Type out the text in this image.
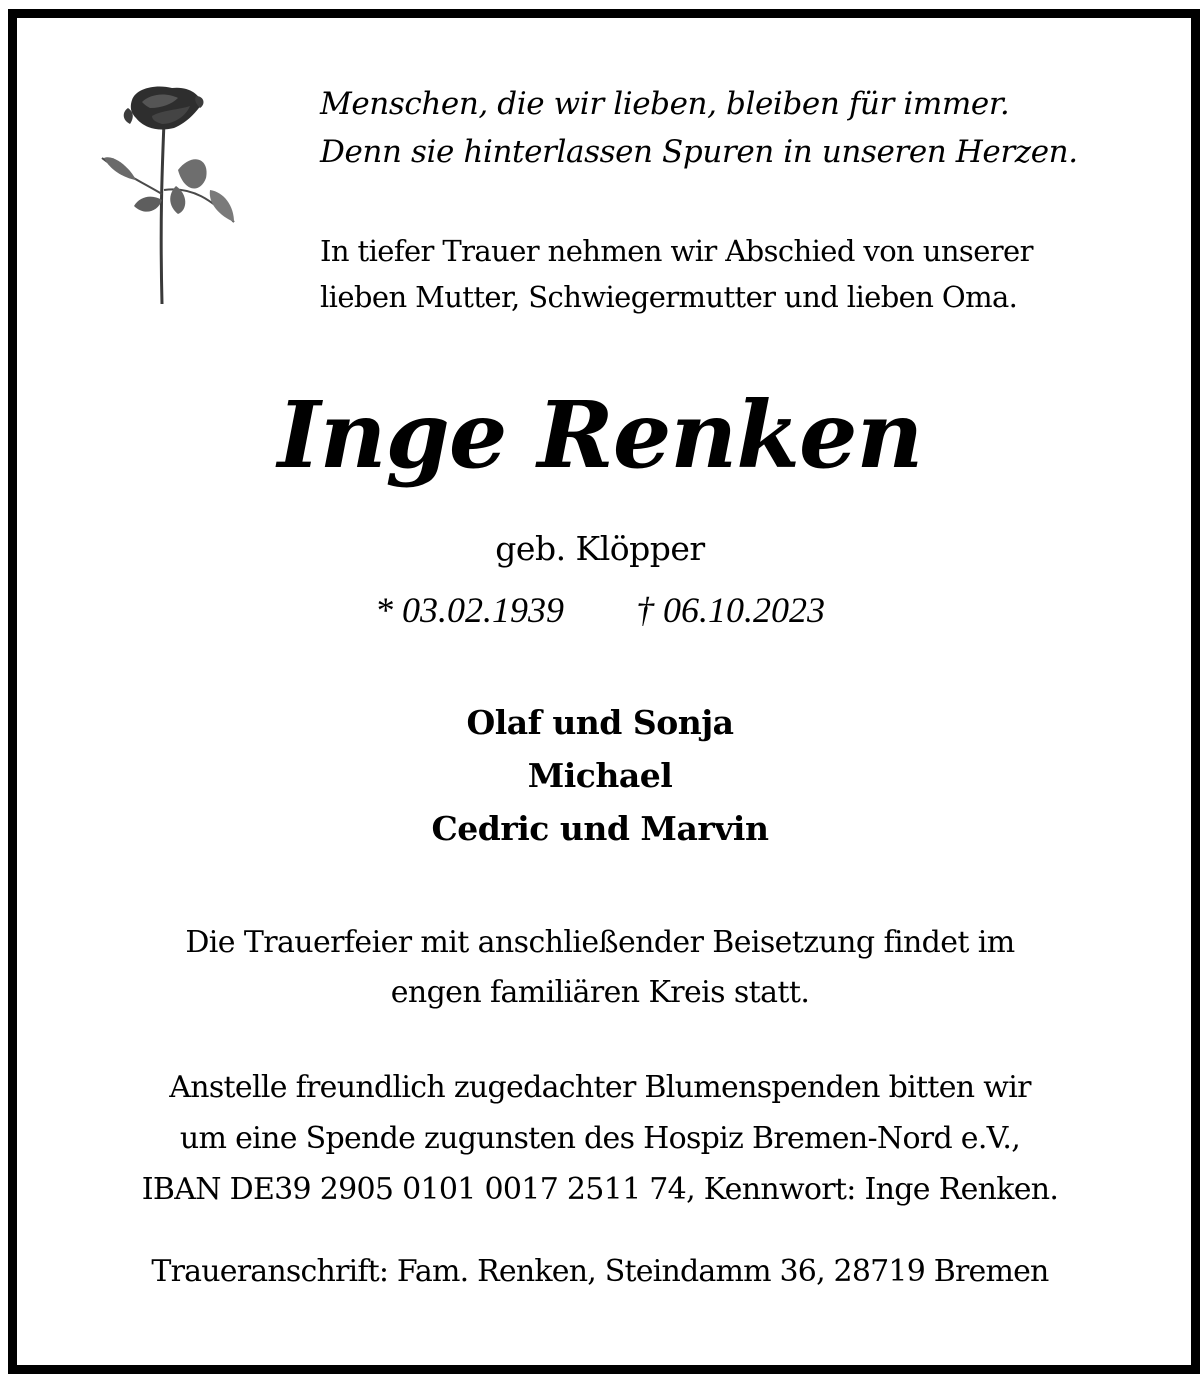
Menschen, die wir lieben, bleiben für immer.
Denn sie hinterlassen Spuren in unseren Herzen.
In tiefer Trauer nehmen wir Abschied von unserer
lieben Mutter, Schwiegermutter und lieben Oma.
Inge Renken
geb. Klöpper
* 03.02.1939 † 06.10.2023
Olaf und Sonja
Michael
Cedric und Marvin
Die Trauerfeier mit anschließender Beisetzung findet im
engen familiären Kreis statt.
Anstelle freundlich zugedachter Blumenspenden bitten wir
um eine Spende zugunsten des Hospiz Bremen-Nord e.V.,
IBAN DE39 2905 0101 0017 2511 74, Kennwort: Inge Renken.
Traueranschrift: Fam. Renken, Steindamm 36, 28719 Bremen
